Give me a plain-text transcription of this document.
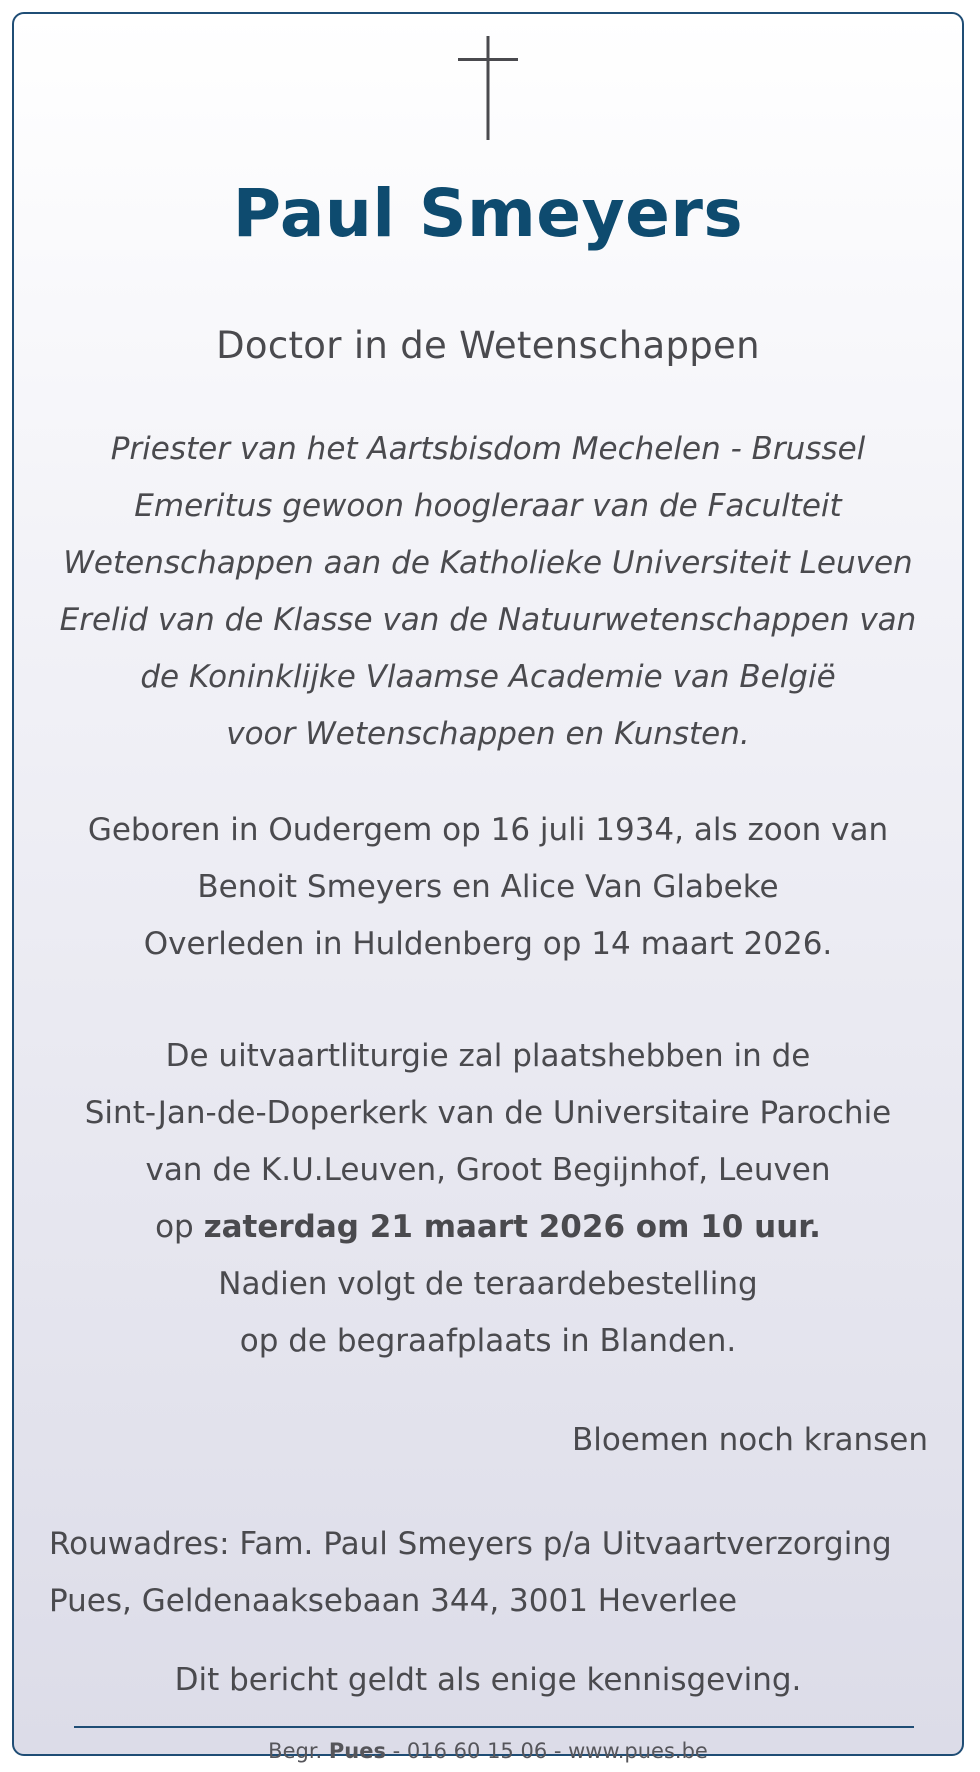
Paul Smeyers
Doctor in de Wetenschappen
Priester van het Aartsbisdom Mechelen - Brussel
Emeritus gewoon hoogleraar van de Faculteit
Wetenschappen aan de Katholieke Universiteit Leuven
Erelid van de Klasse van de Natuurwetenschappen van
de Koninklijke Vlaamse Academie van België
voor Wetenschappen en Kunsten.
Geboren in Oudergem op 16 juli 1934, als zoon van
Benoit Smeyers en Alice Van Glabeke
Overleden in Huldenberg op 14 maart 2026.
De uitvaartliturgie zal plaatshebben in de
Sint-Jan-de-Doperkerk van de Universitaire Parochie
van de K.U.Leuven, Groot Begijnhof, Leuven
op zaterdag 21 maart 2026 om 10 uur.
Nadien volgt de teraardebestelling
op de begraafplaats in Blanden.
Bloemen noch kransen
Rouwadres: Fam. Paul Smeyers p/a Uitvaartverzorging
Pues, Geldenaaksebaan 344, 3001 Heverlee
Dit bericht geldt als enige kennisgeving.
Begr. Pues - 016 60 15 06 - www.pues.be
